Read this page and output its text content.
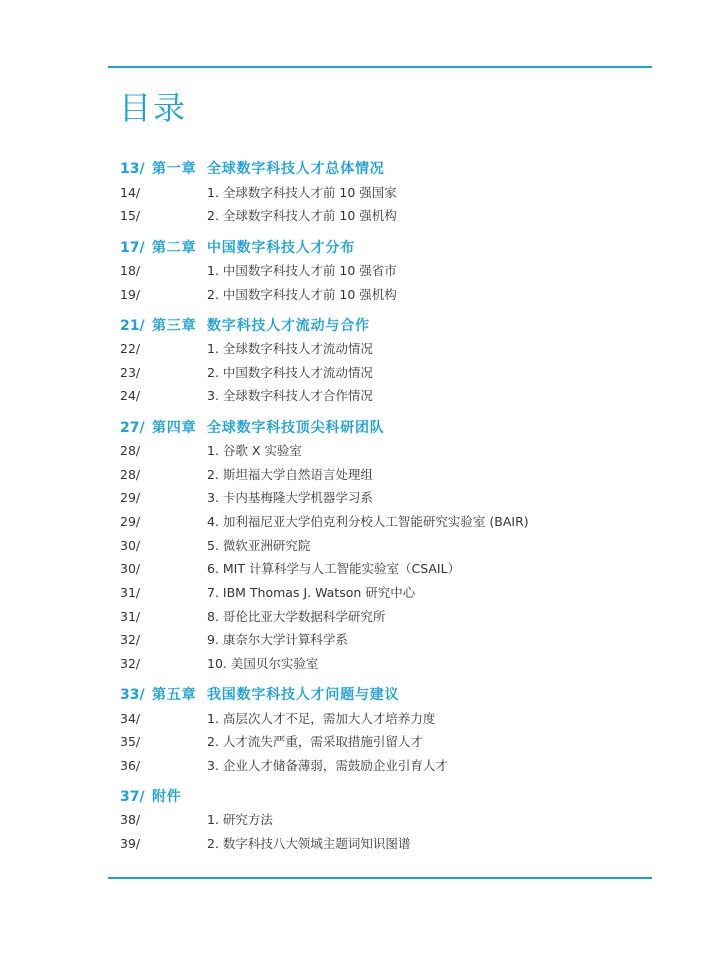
目录
13/ 第一章 全球数字科技人才总体情况
14/	1. 全球数字科技人才前 10 强国家
15/	2. 全球数字科技人才前 10 强机构
17/ 第二章 中国数字科技人才分布
18/	1. 中国数字科技人才前 10 强省市
19/	2. 中国数字科技人才前 10 强机构
21/ 第三章 数字科技人才流动与合作
22/	1. 全球数字科技人才流动情况
23/	2. 中国数字科技人才流动情况
24/	3. 全球数字科技人才合作情况
27/ 第四章 全球数字科技顶尖科研团队
28/	1. 谷歌 X 实验室
28/	2. 斯坦福大学自然语言处理组
29/	3. 卡内基梅隆大学机器学习系
29/	4. 加利福尼亚大学伯克利分校人工智能研究实验室 (BAIR)
30/	5. 微软亚洲研究院
30/	6. MIT 计算科学与人工智能实验室（CSAIL）
31/	7. IBM Thomas J. Watson 研究中心
31/	8. 哥伦比亚大学数据科学研究所
32/	9. 康奈尔大学计算科学系
32/	10. 美国贝尔实验室
33/ 第五章 我国数字科技人才问题与建议
34/	1. 高层次人才不足，需加大人才培养力度
35/	2. 人才流失严重，需采取措施引留人才
36/	3. 企业人才储备薄弱，需鼓励企业引育人才
37/ 附件
38/	1. 研究方法
39/	2. 数字科技八大领域主题词知识图谱
